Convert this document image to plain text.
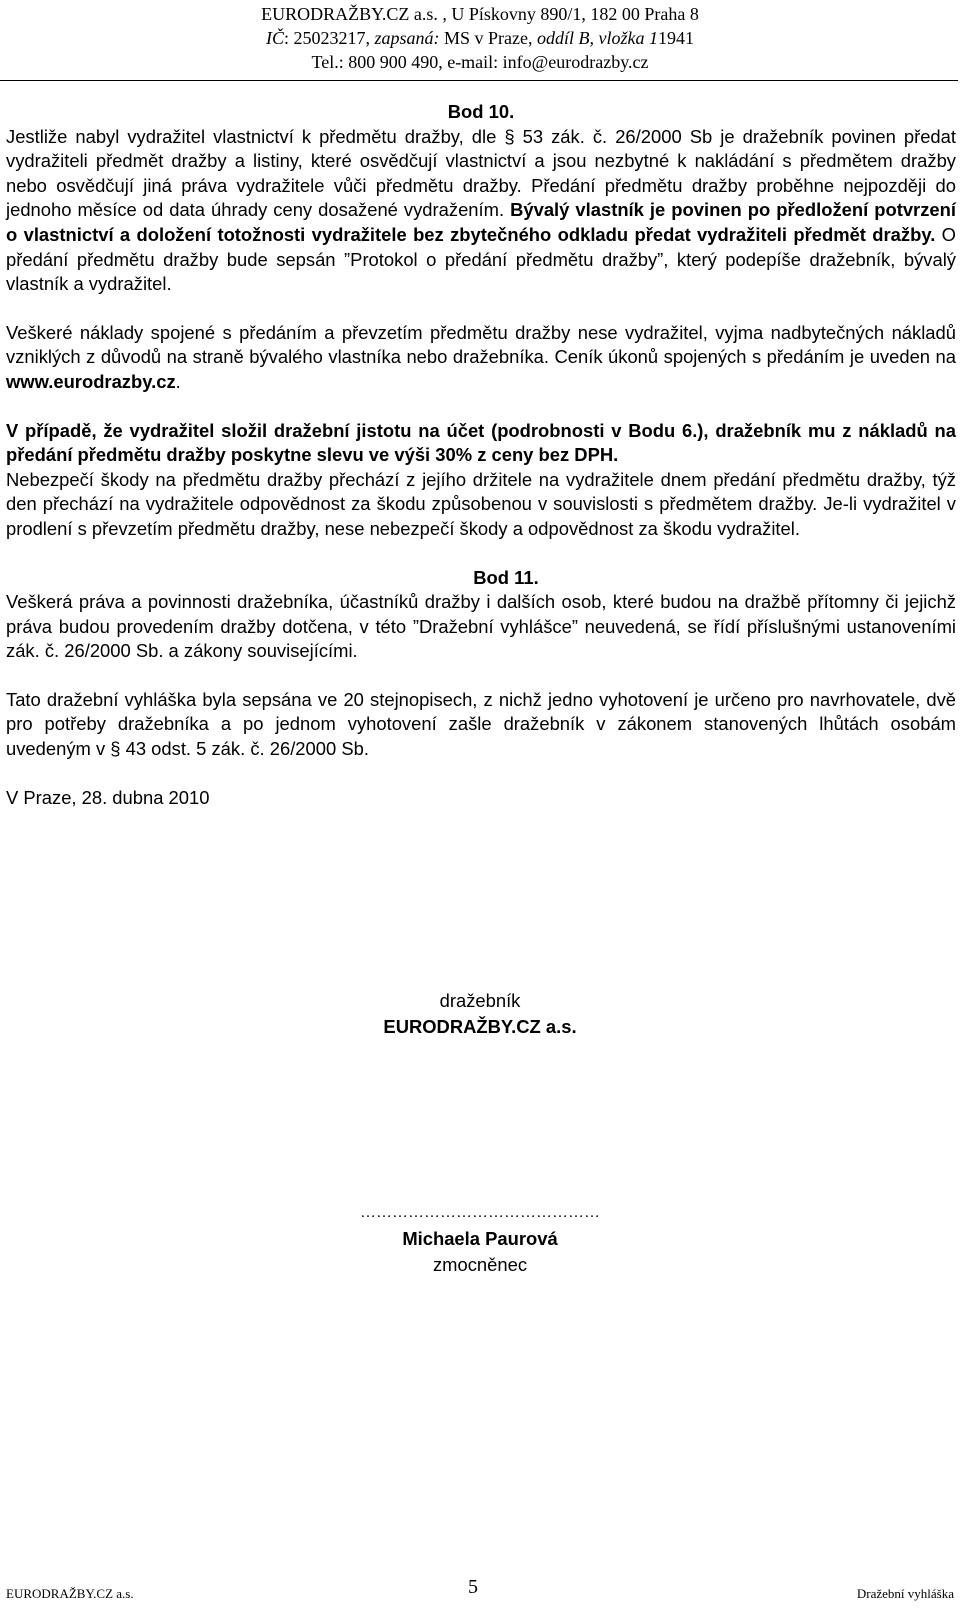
EURODRAŽBY.CZ a.s. , U Pískovny 890/1, 182 00 Praha 8
IČ: 25023217, zapsaná: MS v Praze, oddíl B, vložka 11941
Tel.: 800 900 490, e-mail: info@eurodrazby.cz
Bod 10.

Jestliže nabyl vydražitel vlastnictví k předmětu dražby, dle § 53 zák. č. 26/2000 Sb je dražebník povinen předat vydražiteli předmět dražby a listiny, které osvědčují vlastnictví a jsou nezbytné k nakládání s předmětem dražby nebo osvědčují jiná práva vydražitele vůči předmětu dražby. Předání předmětu dražby proběhne nejpozději do jednoho měsíce od data úhrady ceny dosažené vydražením. Bývalý vlastník je povinen po předložení potvrzení o vlastnictví a doložení totožnosti vydražitele bez zbytečného odkladu předat vydražiteli předmět dražby. O předání předmětu dražby bude sepsán ”Protokol o předání předmětu dražby”, který podepíše dražebník, bývalý vlastník a vydražitel.

Veškeré náklady spojené s předáním a převzetím předmětu dražby nese vydražitel, vyjma nadbytečných nákladů vzniklých z důvodů na straně bývalého vlastníka nebo dražebníka. Ceník úkonů spojených s předáním je uveden na www.eurodrazby.cz.

V případě, že vydražitel složil dražební jistotu na účet (podrobnosti v Bodu 6.), dražebník mu z nákladů na předání předmětu dražby poskytne slevu ve výši 30% z ceny bez DPH.

Nebezpečí škody na předmětu dražby přechází z jejího držitele na vydražitele dnem předání předmětu dražby, týž den přechází na vydražitele odpovědnost za škodu způsobenou v souvislosti s předmětem dražby. Je-li vydražitel v prodlení s převzetím předmětu dražby, nese nebezpečí škody a odpovědnost za škodu vydražitel.

Bod 11.

Veškerá práva a povinnosti dražebníka, účastníků dražby i dalších osob, které budou na dražbě přítomny či jejichž práva budou provedením dražby dotčena, v této ”Dražební vyhlášce” neuvedená, se řídí příslušnými ustanoveními zák. č. 26/2000 Sb. a zákony souvisejícími.

Tato dražební vyhláška byla sepsána ve 20 stejnopisech, z nichž jedno vyhotovení je určeno pro navrhovatele, dvě pro potřeby dražebníka a po jednom vyhotovení zašle dražebník v zákonem stanovených lhůtách osobám uvedeným v § 43 odst. 5 zák. č. 26/2000 Sb.

V Praze, 28. dubna 2010

dražebník
EURODRAŽBY.CZ a.s.
………………………………………
Michaela Paurová
zmocněnec
EURODRAŽBY.CZ a.s.	5	Dražební vyhláška
